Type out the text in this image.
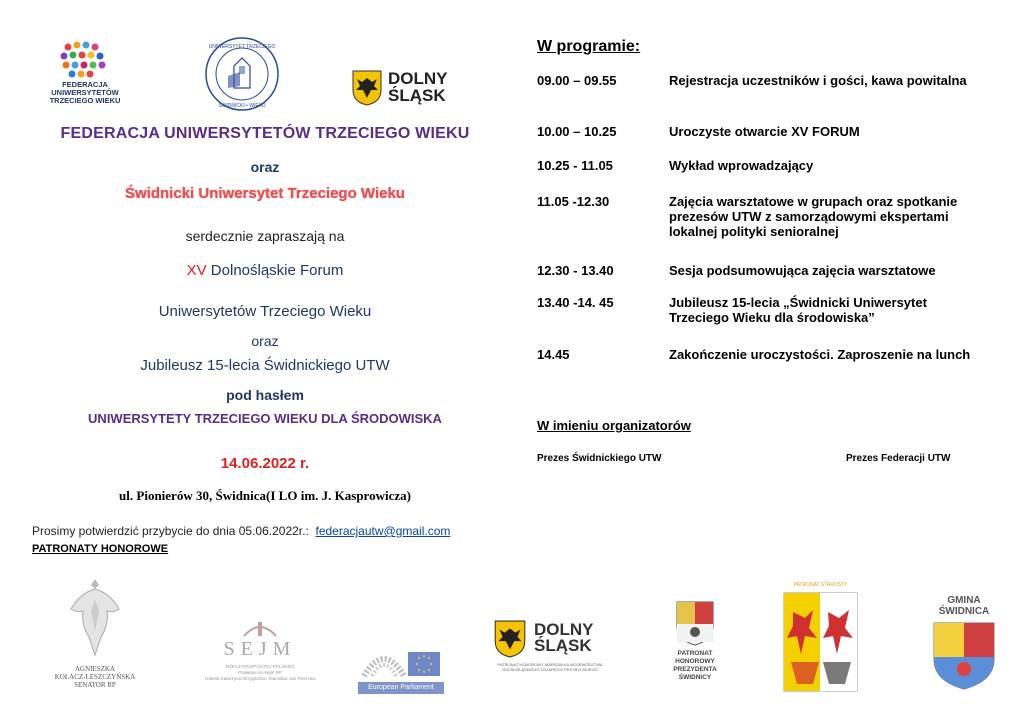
FEDERACJA
UNIWERSYTETÓW
TRZECIEGO WIEKU
UNIWERSYTET TRZECIEGO
ŚWIDNICKI • WIEKU
DOLNY
ŚLĄSK
FEDERACJA UNIWERSYTETÓW TRZECIEGO WIEKU
oraz
Świdnicki Uniwersytet Trzeciego Wieku
serdecznie zapraszają na
XV Dolnośląskie Forum
Uniwersytetów Trzeciego Wieku
oraz
Jubileusz 15-lecia Świdnickiego UTW
pod hasłem
UNIWERSYTETY TRZECIEGO WIEKU DLA ŚRODOWISKA
14.06.2022 r.
ul. Pionierów 30, Świdnica(I LO im. J. Kasprowicza)
Prosimy potwierdzić przybycie do dnia 05.06.2022r.: federacjautw@gmail.com
PATRONATY HONOROWE
W programie:
09.00 – 09.55	Rejestracja uczestników i gości, kawa powitalna
10.00 – 10.25	Uroczyste otwarcie XV FORUM
10.25 - 11.05	Wykład wprowadzający
11.05 -12.30	Zajęcia warsztatowe w grupach oraz spotkanie prezesów UTW z samorządowymi ekspertami lokalnej polityki senioralnej
12.30 - 13.40	Sesja podsumowująca zajęcia warsztatowe
13.40 -14. 45	Jubileusz 15-lecia „Świdnicki Uniwersytet Trzeciego Wieku dla środowiska”
14.45	Zakończenie uroczystości. Zaproszenie na lunch
W imieniu organizatorów
Prezes Świdnickiego UTW	Prezes Federacji UTW
AGNIESZKA
KOŁACZ-LESZCZYŃSKA
SENATOR RP
SEJM
RZECZYPOSPOLITEJ POLSKIEJ
Posłanka na Sejm RP
Izabela Katarzyna Mrzygłocka i Stanisław Jan Piechota
European Parliament
DOLNY
ŚLĄSK
PATRONAT HONOROWY MARSZAŁKA WOJEWÓDZTWA
DOLNOŚLĄSKIEGO CEZAREGO PRZYBYLSKIEGO
PATRONAT
HONOROWY
PREZYDENTA
ŚWIDNICY
PATRONAT STAROSTY
GMINA
ŚWIDNICA
